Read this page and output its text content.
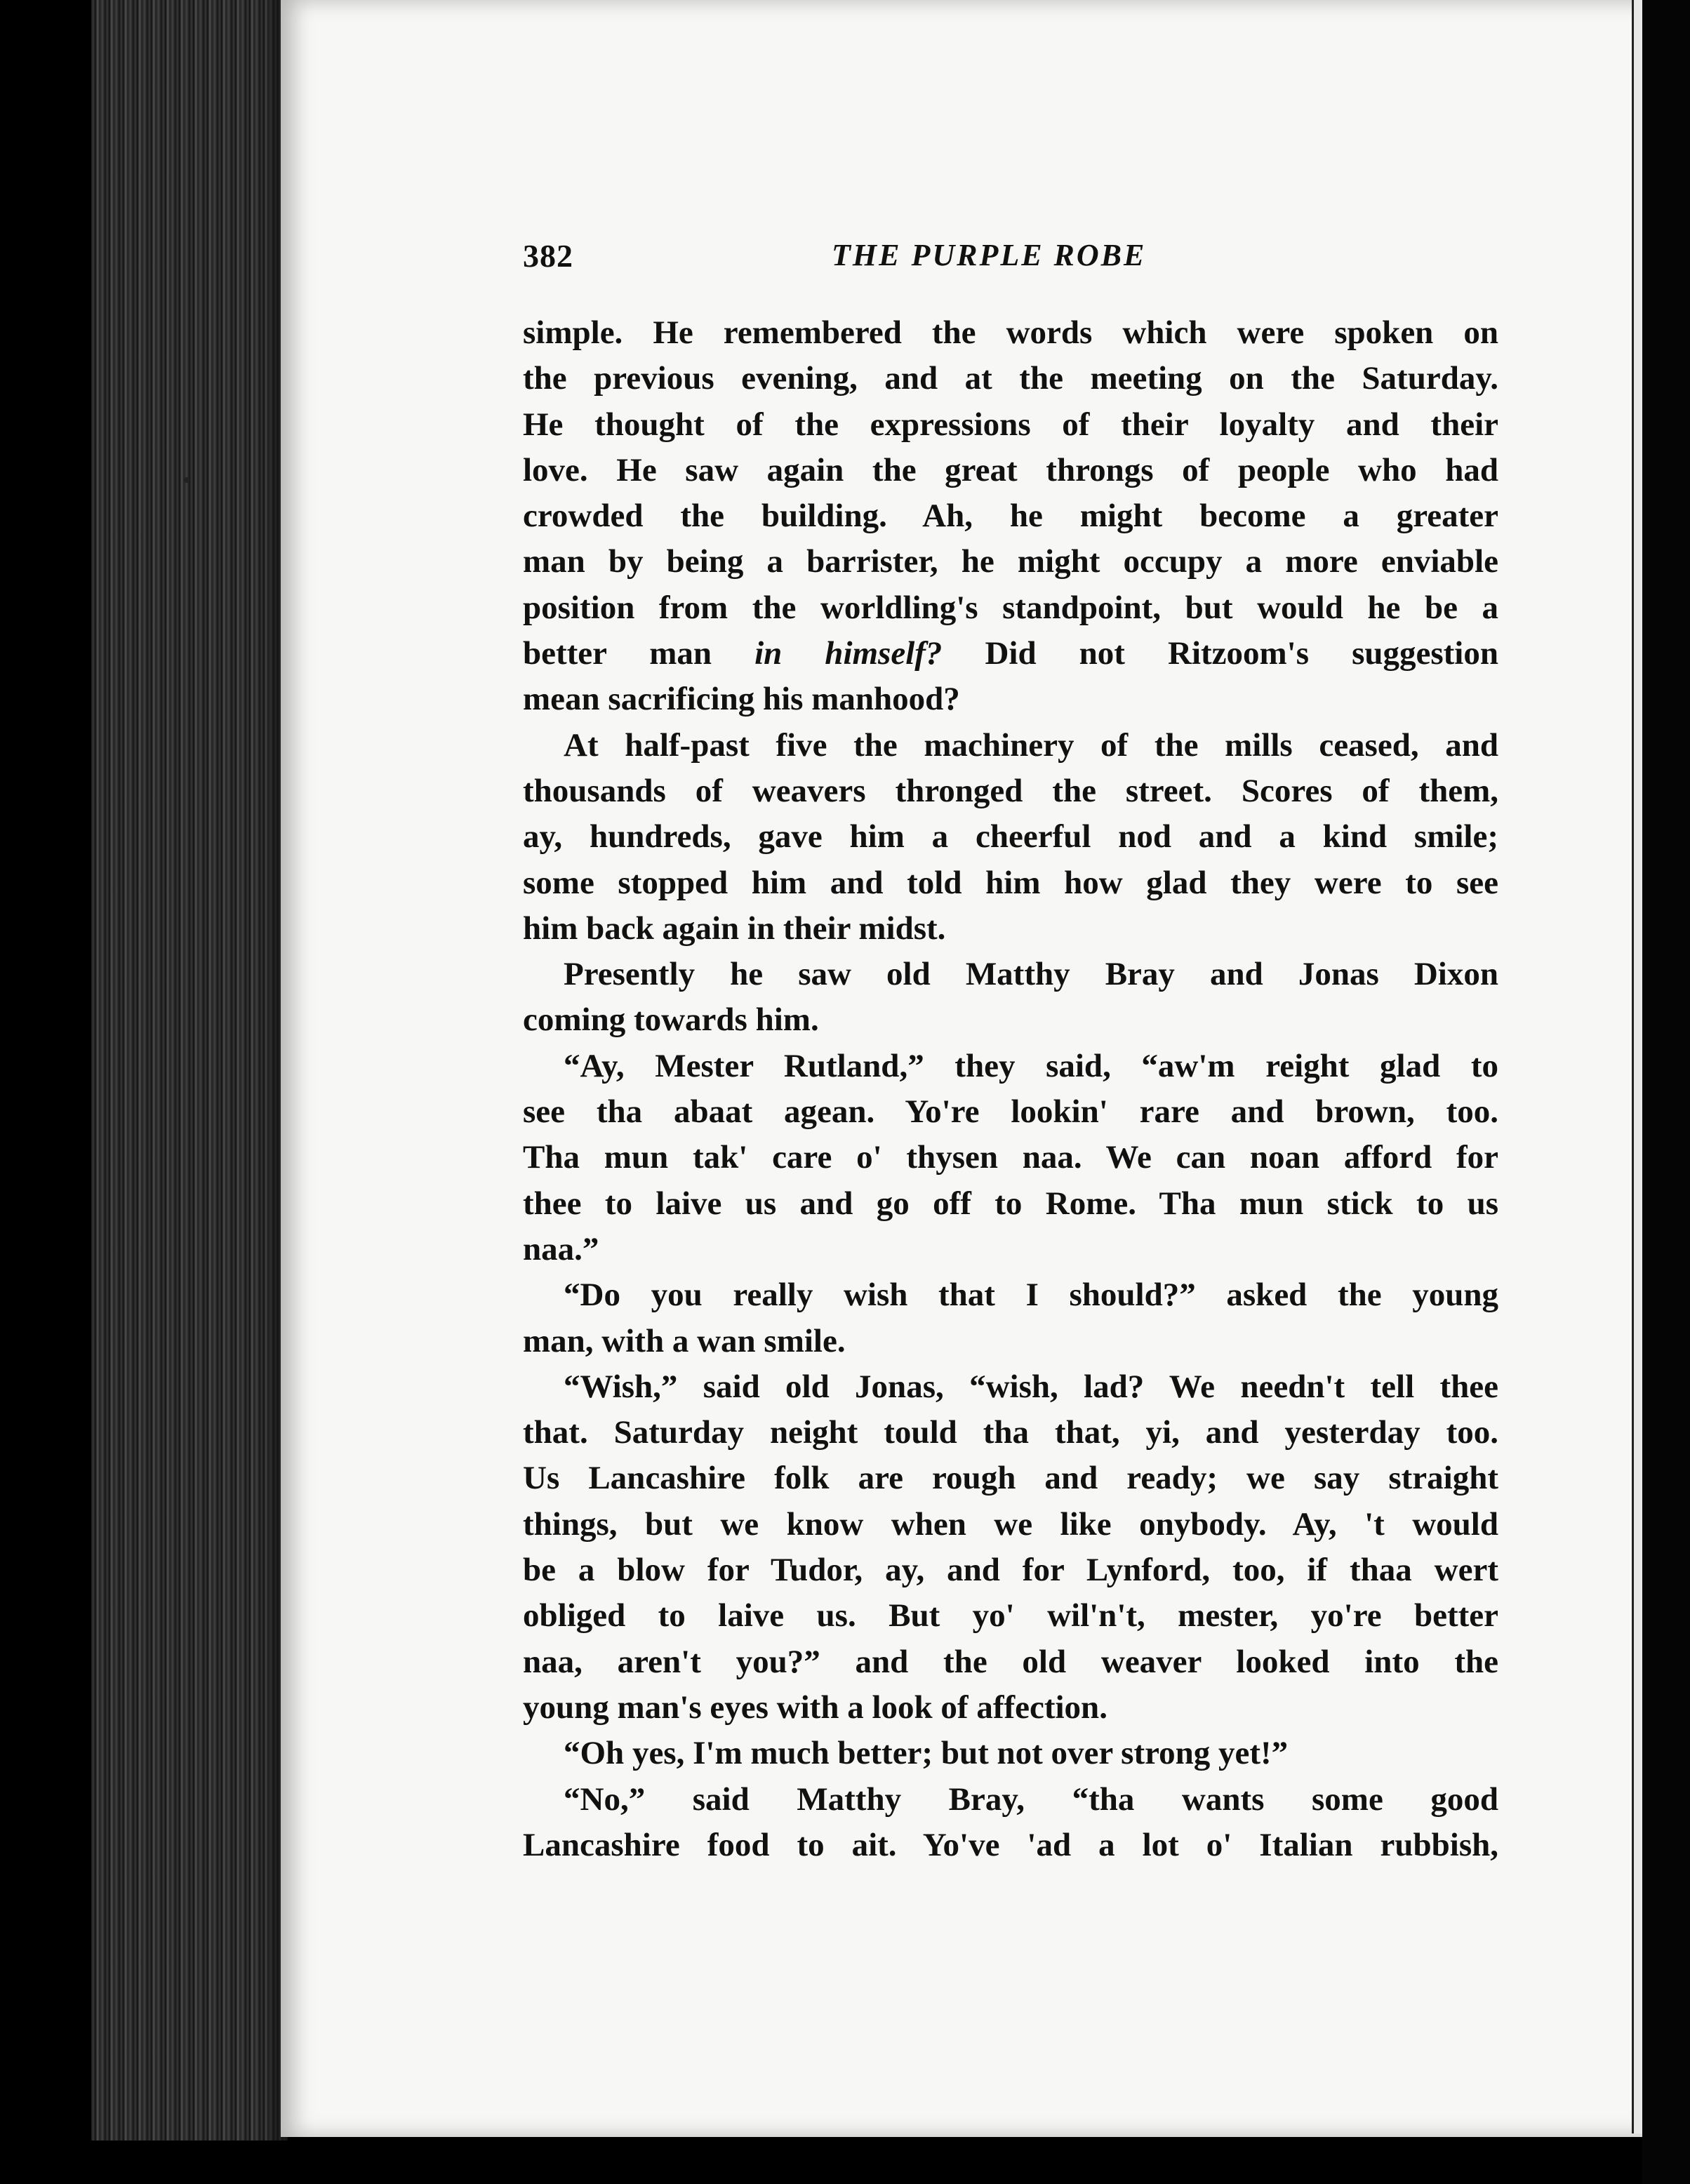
382	THE PURPLE ROBE
simple. He remembered the words which were spoken on
the previous evening, and at the meeting on the Saturday.
He thought of the expressions of their loyalty and their
love. He saw again the great throngs of people who had
crowded the building. Ah, he might become a greater
man by being a barrister, he might occupy a more enviable
position from the worldling's standpoint, but would he be a
better man in himself? Did not Ritzoom's suggestion
mean sacrificing his manhood?
At half-past five the machinery of the mills ceased, and
thousands of weavers thronged the street. Scores of them,
ay, hundreds, gave him a cheerful nod and a kind smile;
some stopped him and told him how glad they were to see
him back again in their midst.
Presently he saw old Matthy Bray and Jonas Dixon
coming towards him.
“Ay, Mester Rutland,” they said, “aw'm reight glad to
see tha abaat agean. Yo're lookin' rare and brown, too.
Tha mun tak' care o' thysen naa. We can noan afford for
thee to laive us and go off to Rome. Tha mun stick to us
naa.”
“Do you really wish that I should?” asked the young
man, with a wan smile.
“Wish,” said old Jonas, “wish, lad? We needn't tell thee
that. Saturday neight tould tha that, yi, and yesterday too.
Us Lancashire folk are rough and ready; we say straight
things, but we know when we like onybody. Ay, 't would
be a blow for Tudor, ay, and for Lynford, too, if thaa wert
obliged to laive us. But yo' wil'n't, mester, yo're better
naa, aren't you?” and the old weaver looked into the
young man's eyes with a look of affection.
“Oh yes, I'm much better; but not over strong yet!”
“No,” said Matthy Bray, “tha wants some good
Lancashire food to ait. Yo've 'ad a lot o' Italian rubbish,
